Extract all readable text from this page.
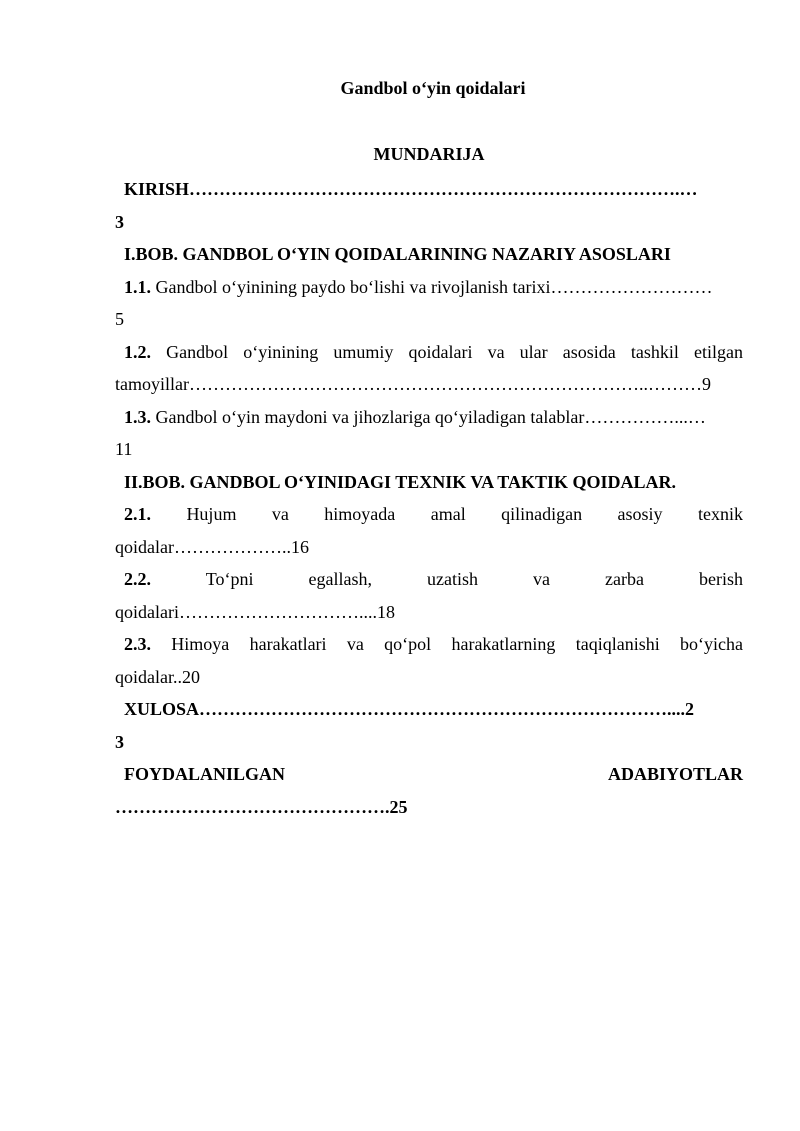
Gandbol o‘yin qoidalari
MUNDARIJA

KIRISH……………………………………………………………………….…
3

I.BOB. GANDBOL O‘YIN QOIDALARINING NAZARIY ASOSLARI

1.1. Gandbol o‘yinining paydo bo‘lishi va rivojlanish tarixi………………………
5

1.2. Gandbol o‘yinining umumiy qoidalari va ular asosida tashkil etilgan
tamoyillar…………………………………………………………………..………9

1.3. Gandbol o‘yin maydoni va jihozlariga qo‘yiladigan talablar……………...…
11

II.BOB. GANDBOL O‘YINIDAGI TEXNIK VA TAKTIK QOIDALAR.

2.1. Hujum va himoyada amal qilinadigan asosiy texnik
qoidalar………………..16

2.2. To‘pni egallash, uzatish va zarba berish
qoidalari…………………………....18

2.3. Himoya harakatlari va qo‘pol harakatlarning taqiqlanishi bo‘yicha
qoidalar..20

XULOSA……………………………………………………………………....2
3

FOYDALANILGAN ADABIYOTLAR
……………………………………….25
